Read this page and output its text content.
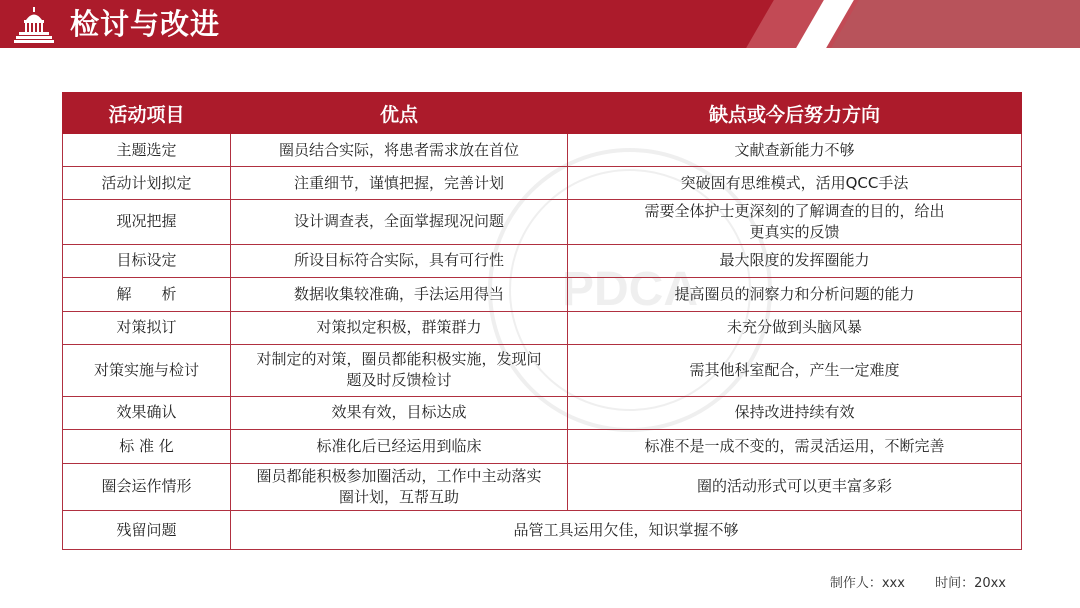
检讨与改进
PDCA
活动项目	优点	缺点或今后努力方向
主题选定	圈员结合实际，将患者需求放在首位	文献查新能力不够
活动计划拟定	注重细节，谨慎把握，完善计划	突破固有思维模式，活用QCC手法
现况把握	设计调查表，全面掌握现况问题	需要全体护士更深刻的了解调查的目的，给出更真实的反馈
目标设定	所设目标符合实际，具有可行性	最大限度的发挥圈能力
解　　析	数据收集较准确，手法运用得当	提高圈员的洞察力和分析问题的能力
对策拟订	对策拟定积极，群策群力	未充分做到头脑风暴
对策实施与检讨	对制定的对策，圈员都能积极实施，发现问题及时反馈检讨	需其他科室配合，产生一定难度
效果确认	效果有效，目标达成	保持改进持续有效
标 准 化	标准化后已经运用到临床	标准不是一成不变的，需灵活运用，不断完善
圈会运作情形	圈员都能积极参加圈活动，工作中主动落实圈计划，互帮互助	圈的活动形式可以更丰富多彩
残留问题	品管工具运用欠佳，知识掌握不够	
制作人：xxx 时间：20xx
